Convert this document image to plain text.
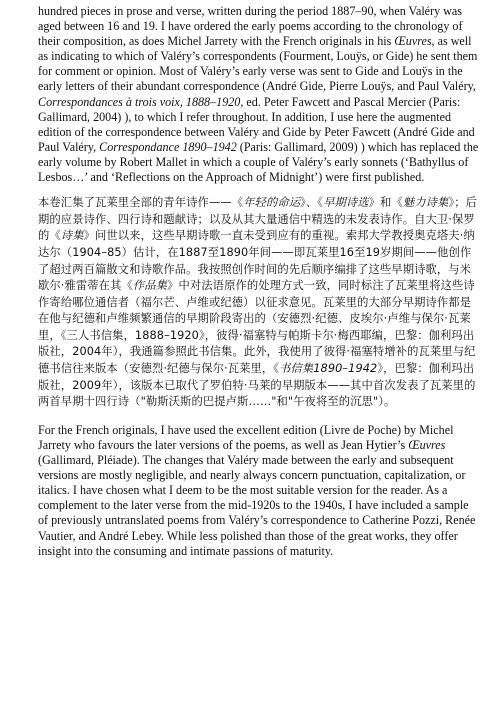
hundred pieces in prose and verse, written during the period 1887–90, when Valéry was aged between 16 and 19. I have ordered the early poems according to the chronology of their composition, as does Michel Jarrety with the French originals in his Œuvres, as well as indicating to which of Valéry’s correspondents (Fourment, Louÿs, or Gide) he sent them for comment or opinion. Most of Valéry’s early verse was sent to Gide and Louÿs in the early letters of their abundant correspondence (André Gide, Pierre Louÿs, and Paul Valéry, Correspondances à trois voix, 1888–1920, ed. Peter Fawcett and Pascal Mercier (Paris: Gallimard, 2004) ), to which I refer throughout. In addition, I use here the augmented edition of the correspondence between Valéry and Gide by Peter Fawcett (André Gide and Paul Valéry, Correspondance 1890–1942 (Paris: Gallimard, 2009) ) which has replaced the early volume by Robert Mallet in which a couple of Valéry’s early sonnets (‘Bathyllus of Lesbos…’ and ‘Reflections on the Approach of Midnight’) were first published.

本卷汇集了瓦莱里全部的青年诗作——《年轻的命运》、《早期诗选》和《魅力诗集》；后期的应景诗作、四行诗和题献诗；以及从其大量通信中精选的未发表诗作。自大卫·保罗的《诗集》问世以来，这些早期诗歌一直未受到应有的重视。索邦大学教授奥克塔夫·纳达尔（1904–85）估计，在1887至1890年间——即瓦莱里16至19岁期间——他创作了超过两百篇散文和诗歌作品。我按照创作时间的先后顺序编排了这些早期诗歌，与米歇尔·雅雷蒂在其《作品集》中对法语原作的处理方式一致，同时标注了瓦莱里将这些诗作寄给哪位通信者（福尔芒、卢维或纪德）以征求意见。瓦莱里的大部分早期诗作都是在他与纪德和卢维频繁通信的早期阶段寄出的（安德烈·纪德、皮埃尔·卢维与保尔·瓦莱里，《三人书信集，1888–1920》，彼得·福塞特与帕斯卡尔·梅西耶编，巴黎：伽利玛出版社，2004年），我通篇参照此书信集。此外，我使用了彼得·福塞特增补的瓦莱里与纪德书信往来版本（安德烈·纪德与保尔·瓦莱里，《书信集1890–1942》，巴黎：伽利玛出版社，2009年），该版本已取代了罗伯特·马莱的早期版本——其中首次发表了瓦莱里的两首早期十四行诗（"勒斯沃斯的巴提卢斯……"和"午夜将至的沉思"）。

For the French originals, I have used the excellent edition (Livre de Poche) by Michel Jarrety who favours the later versions of the poems, as well as Jean Hytier’s Œuvres (Gallimard, Pléiade). The changes that Valéry made between the early and subsequent versions are mostly negligible, and nearly always concern punctuation, capitalization, or italics. I have chosen what I deem to be the most suitable version for the reader. As a complement to the later verse from the mid-1920s to the 1940s, I have included a sample of previously untranslated poems from Valéry’s correspondence to Catherine Pozzi, Renée Vautier, and André Lebey. While less polished than those of the great works, they offer insight into the consuming and intimate passions of maturity.
